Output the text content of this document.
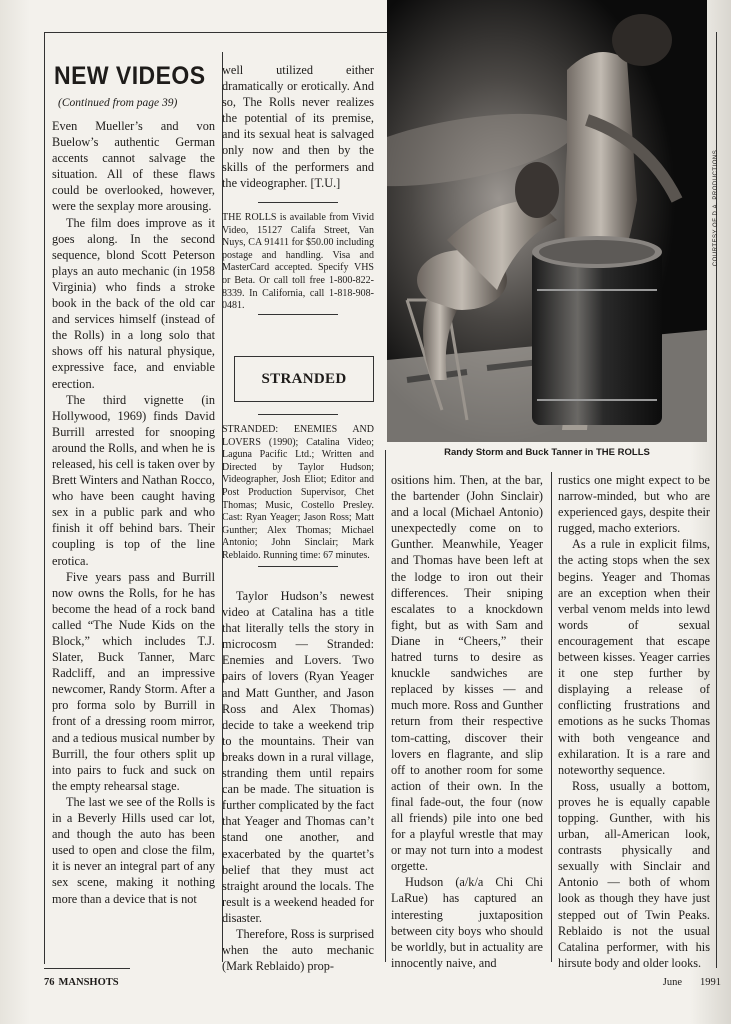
NEW VIDEOS
(Continued from page 39)

Even Mueller’s and von Buelow’s authentic German accents cannot salvage the situation. All of these flaws could be overlooked, however, were the sexplay more arousing.

The film does improve as it goes along. In the second sequence, blond Scott Peterson plays an auto mechanic (in 1958 Virginia) who finds a stroke book in the back of the old car and services himself (instead of the Rolls) in a long solo that shows off his natural physique, expressive face, and enviable erection.

The third vignette (in Hollywood, 1969) finds David Burrill arrested for snooping around the Rolls, and when he is released, his cell is taken over by Brett Winters and Nathan Rocco, who have been caught having sex in a public park and who finish it off behind bars. Their coupling is top of the line erotica.

Five years pass and Burrill now owns the Rolls, for he has become the head of a rock band called “The Nude Kids on the Block,” which includes T.J. Slater, Buck Tanner, Marc Radcliff, and an impressive newcomer, Randy Storm. After a pro forma solo by Burrill in front of a dressing room mirror, and a tedious musical number by Burrill, the four others split up into pairs to fuck and suck on the empty rehearsal stage.

The last we see of the Rolls is in a Beverly Hills used car lot, and though the auto has been used to open and close the film, it is never an integral part of any sex scene, making it nothing more than a device that is not

well utilized either dramatically or erotically. And so, The Rolls never realizes the potential of its premise, and its sexual heat is salvaged only now and then by the skills of the performers and the videographer. [T.U.]

THE ROLLS is available from Vivid Video, 15127 Califa Street, Van Nuys, CA 91411 for $50.00 including postage and handling. Visa and MasterCard accepted. Specify VHS or Beta. Or call toll free 1-800-822-8339. In California, call 1-818-908-0481.

STRANDED

STRANDED: ENEMIES AND LOVERS (1990); Catalina Video; Laguna Pacific Ltd.; Written and Directed by Taylor Hudson; Videographer, Josh Eliot; Editor and Post Production Supervisor, Chet Thomas; Music, Costello Presley. Cast: Ryan Yeager; Jason Ross; Matt Gunther; Alex Thomas; Michael Antonio; John Sinclair; Mark Reblaido. Running time: 67 minutes.

Taylor Hudson’s newest video at Catalina has a title that literally tells the story in microcosm — Stranded: Enemies and Lovers. Two pairs of lovers (Ryan Yeager and Matt Gunther, and Jason Ross and Alex Thomas) decide to take a weekend trip to the mountains. Their van breaks down in a rural village, stranding them until repairs can be made. The situation is further complicated by the fact that Yeager and Thomas can’t stand one another, and exacerbated by the quartet’s belief that they must act straight around the locals. The result is a weekend headed for disaster.

Therefore, Ross is surprised when the auto mechanic (Mark Reblaido) prop-

COURTESY OF D.A. PRODUCTIONS
Randy Storm and Buck Tanner in THE ROLLS

ositions him. Then, at the bar, the bartender (John Sinclair) and a local (Michael Antonio) unexpectedly come on to Gunther. Meanwhile, Yeager and Thomas have been left at the lodge to iron out their differences. Their sniping escalates to a knockdown fight, but as with Sam and Diane in “Cheers,” their hatred turns to desire as knuckle sandwiches are replaced by kisses — and much more. Ross and Gunther return from their respective tom-catting, discover their lovers en flagrante, and slip off to another room for some action of their own. In the final fade-out, the four (now all friends) pile into one bed for a playful wrestle that may or may not turn into a modest orgette.

Hudson (a/k/a Chi Chi LaRue) has captured an interesting juxtaposition between city boys who should be worldly, but in actuality are innocently naive, and

rustics one might expect to be narrow-minded, but who are experienced gays, despite their rugged, macho exteriors.

As a rule in explicit films, the acting stops when the sex begins. Yeager and Thomas are an exception when their verbal venom melds into lewd words of sexual encouragement that escape between kisses. Yeager carries it one step further by displaying a release of conflicting frustrations and emotions as he sucks Thomas with both vengeance and exhilaration. It is a rare and noteworthy sequence.

Ross, usually a bottom, proves he is equally capable topping. Gunther, with his urban, all-American look, contrasts physically and sexually with Sinclair and Antonio — both of whom look as though they have just stepped out of Twin Peaks. Reblaido is not the usual Catalina performer, with his hirsute body and older looks.

76 MANSHOTS	June 1991
